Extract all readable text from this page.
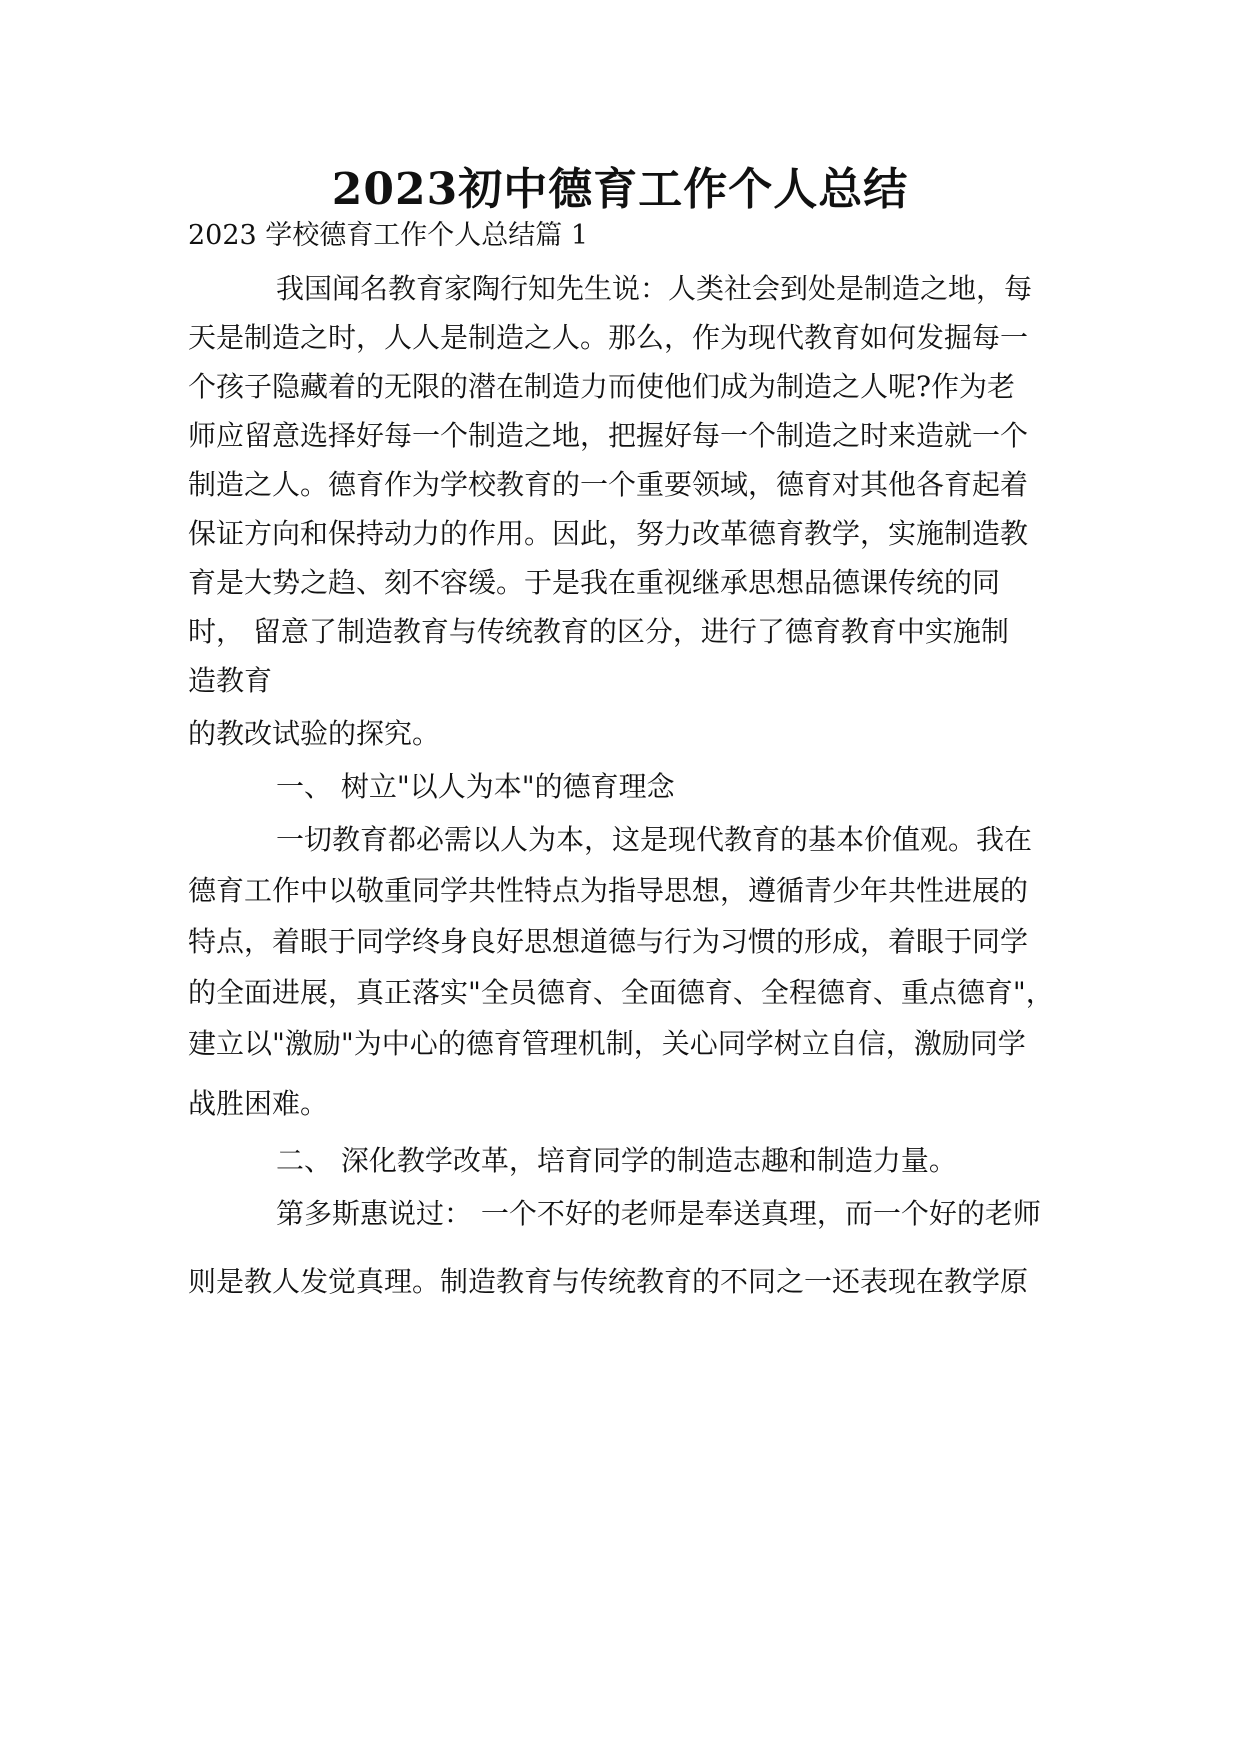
2023初中德育工作个人总结
2023 学校德育工作个人总结篇 1
我国闻名教育家陶行知先生说：人类社会到处是制造之地，每
天是制造之时，人人是制造之人。那么，作为现代教育如何发掘每一
个孩子隐藏着的无限的潜在制造力而使他们成为制造之人呢?作为老
师应留意选择好每一个制造之地，把握好每一个制造之时来造就一个
制造之人。德育作为学校教育的一个重要领域，德育对其他各育起着
保证方向和保持动力的作用。因此，努力改革德育教学，实施制造教
育是大势之趋、刻不容缓。于是我在重视继承思想品德课传统的同
时， 留意了制造教育与传统教育的区分，进行了德育教育中实施制
造教育
的教改试验的探究。
一、 树立"以人为本"的德育理念
一切教育都必需以人为本，这是现代教育的基本价值观。我在
德育工作中以敬重同学共性特点为指导思想，遵循青少年共性进展的
特点，着眼于同学终身良好思想道德与行为习惯的形成，着眼于同学
的全面进展，真正落实"全员德育、全面德育、全程德育、重点德育"，
建立以"激励"为中心的德育管理机制，关心同学树立自信，激励同学
战胜困难。
二、 深化教学改革，培育同学的制造志趣和制造力量。
第多斯惠说过： 一个不好的老师是奉送真理，而一个好的老师
则是教人发觉真理。制造教育与传统教育的不同之一还表现在教学原
